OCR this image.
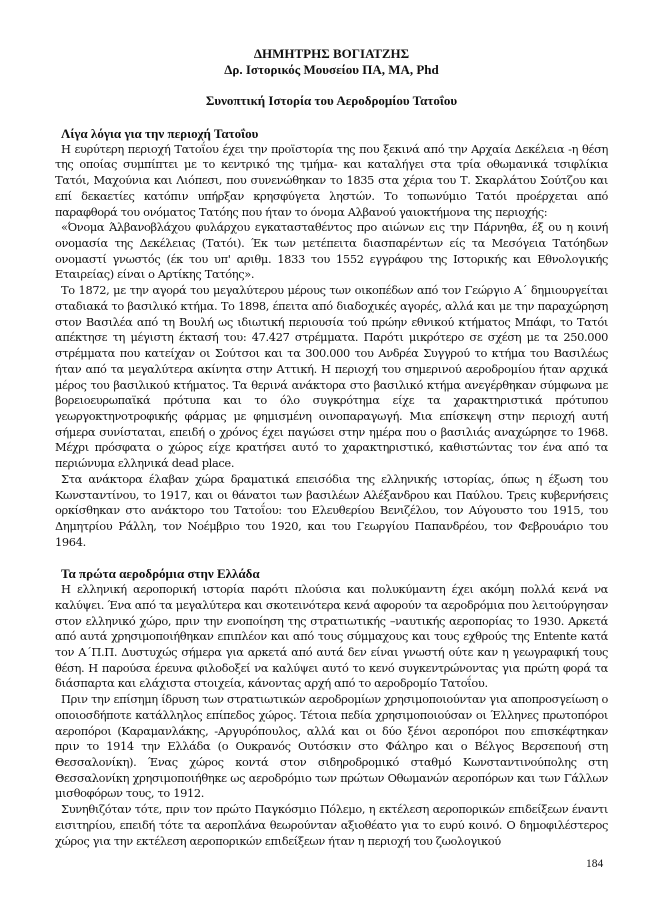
ΔΗΜΗΤΡΗΣ ΒΟΓΙΑΤΖΗΣ
Δρ. Ιστορικός Μουσείου ΠΑ, ΜΑ, Phd
Συνοπτική Ιστορία του Αεροδρομίου Τατοΐου
Λίγα λόγια για την περιοχή Τατοΐου

Η ευρύτερη περιοχή Τατοΐου έχει την προϊστορία της που ξεκινά από την Αρχαία Δεκέλεια -η θέση της οποίας συμπίπτει με το κεντρικό της τμήμα- και καταλήγει στα τρία οθωμανικά τσιφλίκια Τατόι, Μαχούνια και Λιόπεσι, που συνενώθηκαν το 1835 στα χέρια του Τ. Σκαρλάτου Σούτζου και επί δεκαετίες κατόπιν υπήρξαν κρησφύγετα ληστών. Το τοπωνύμιο Τατόι προέρχεται από παραφθορά του ονόματος Τατόης που ήταν το όνομα Αλβανού γαιοκτήμονα της περιοχής:

«Όνομα Άλβανοβλάχου φυλάρχου εγκατασταθέντος προ αιώνων εις την Πάρνηθα, έξ ου η κοινή ονομασία της Δεκέλειας (Τατόι). Έκ των μετέπειτα διασπαρέντων είς τα Μεσόγεια Τατόηδων ονομαστί γνωστός (έκ του υπ' αριθμ. 1833 του 1552 εγγράφου της Ιστορικής και Εθνολογικής Εταιρείας) είναι ο Αρτίκης Τατόης».

Το 1872, με την αγορά του μεγαλύτερου μέρους των οικοπέδων από τον Γεώργιο Α΄ δημιουργείται σταδιακά το βασιλικό κτήμα. Το 1898, έπειτα από διαδοχικές αγορές, αλλά και με την παραχώρηση στον Βασιλέα από τη Βουλή ως ιδιωτική περιουσία τού πρώην εθνικού κτήματος Μπάφι, το Τατόι απέκτησε τη μέγιστη έκτασή του: 47.427 στρέμματα. Παρότι μικρότερο σε σχέση με τα 250.000 στρέμματα που κατείχαν οι Σούτσοι και τα 300.000 του Ανδρέα Συγγρού το κτήμα του Βασιλέως ήταν από τα μεγαλύτερα ακίνητα στην Αττική. Η περιοχή του σημερινού αεροδρομίου ήταν αρχικά μέρος του βασιλικού κτήματος. Τα θερινά ανάκτορα στο βασιλικό κτήμα ανεγέρθηκαν σύμφωνα με βορειοευρωπαϊκά πρότυπα και το όλο συγκρότημα είχε τα χαρακτηριστικά πρότυπου γεωργοκτηνοτροφικής φάρμας με φημισμένη οινοπαραγωγή. Μια επίσκεψη στην περιοχή αυτή σήμερα συνίσταται, επειδή ο χρόνος έχει παγώσει στην ημέρα που ο βασιλιάς αναχώρησε το 1968. Μέχρι πρόσφατα ο χώρος είχε κρατήσει αυτό το χαρακτηριστικό, καθιστώντας τον ένα από τα περιώνυμα ελληνικά dead place.

Στα ανάκτορα έλαβαν χώρα δραματικά επεισόδια της ελληνικής ιστορίας, όπως η έξωση του Κωνσταντίνου, το 1917, και οι θάνατοι των βασιλέων Αλέξανδρου και Παύλου. Τρεις κυβερνήσεις ορκίσθηκαν στο ανάκτορο του Τατοΐου: του Ελευθερίου Βενιζέλου, τον Αύγουστο του 1915, του Δημητρίου Ράλλη, τον Νοέμβριο του 1920, και του Γεωργίου Παπανδρέου, τον Φεβρουάριο του 1964.

Τα πρώτα αεροδρόμια στην Ελλάδα

Η ελληνική αεροπορική ιστορία παρότι πλούσια και πολυκύμαντη έχει ακόμη πολλά κενά να καλύψει. Ένα από τα μεγαλύτερα και σκοτεινότερα κενά αφορούν τα αεροδρόμια που λειτούργησαν στον ελληνικό χώρο, πριν την ενοποίηση της στρατιωτικής –ναυτικής αεροπορίας το 1930. Αρκετά από αυτά χρησιμοποιήθηκαν επιπλέον και από τους σύμμαχους και τους εχθρούς της Entente κατά τον Α΄Π.Π. Δυστυχώς σήμερα για αρκετά από αυτά δεν είναι γνωστή ούτε καν η γεωγραφική τους θέση. Η παρούσα έρευνα φιλοδοξεί να καλύψει αυτό το κενό συγκεντρώνοντας για πρώτη φορά τα διάσπαρτα και ελάχιστα στοιχεία, κάνοντας αρχή από το αεροδρομίο Τατοΐου.

Πριν την επίσημη ίδρυση των στρατιωτικών αεροδρομίων χρησιμοποιούνταν για αποπροσγείωση ο οποιοσδήποτε κατάλληλος επίπεδος χώρος. Τέτοια πεδία χρησιμοποιούσαν οι Έλληνες πρωτοπόροι αεροπόροι (Καραμανλάκης, -Αργυρόπουλος, αλλά και οι δύο ξένοι αεροπόροι που επισκέφτηκαν πριν το 1914 την Ελλάδα (ο Ουκρανός Ουτόσκιν στο Φάληρο και ο Βέλγος Βερσεπουή στη Θεσσαλονίκη). Ένας χώρος κοντά στον σιδηροδρομικό σταθμό Κωνσταντινούπολης στη Θεσσαλονίκη χρησιμοποιήθηκε ως αεροδρόμιο των πρώτων Οθωμανών αεροπόρων και των Γάλλων μισθοφόρων τους, το 1912.

Συνηθιζόταν τότε, πριν τον πρώτο Παγκόσμιο Πόλεμο, η εκτέλεση αεροπορικών επιδείξεων έναντι εισιτηρίου, επειδή τότε τα αεροπλάνα θεωρούνταν αξιοθέατο για το ευρύ κοινό. Ο δημοφιλέστερος χώρος για την εκτέλεση αεροπορικών επιδείξεων ήταν η περιοχή του ζωολογικού

184
